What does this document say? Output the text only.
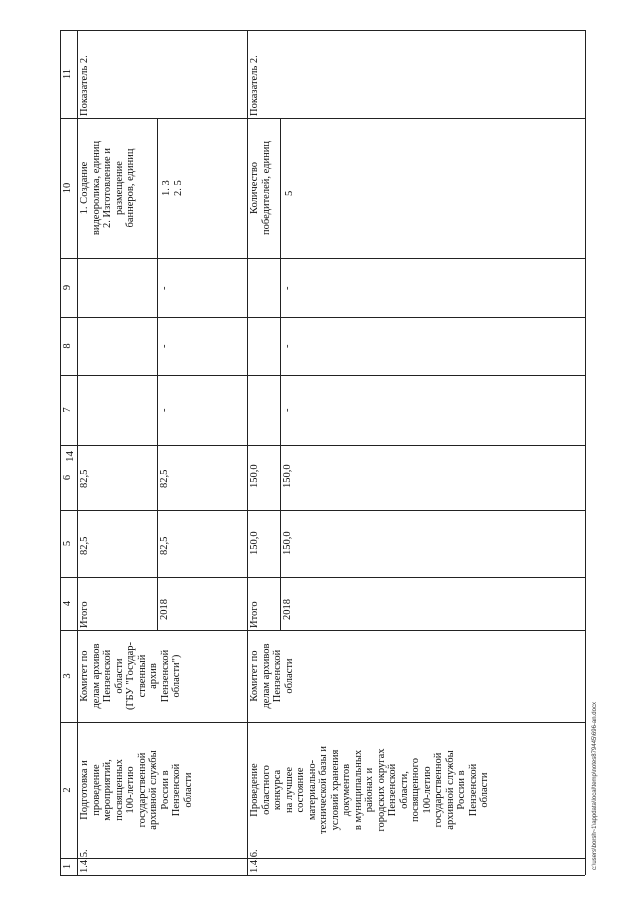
14
c:\users\borsh~1\appdata\local\temp\notes879445\696-an.docx
1
2
3
4
5
6
7
8
9
10
11
1.4.5.
Подготовка и проведение мероприятий, посвященных 100-летию государственной архивной службы России в Пензенской области
Комитет по делам архивов Пензенской области (ГБУ "Государ- ственный архив Пензенской области")
Итого	2018
82,5
82,5
82,5
82,5
-
-
-
1. Создание видеоролика, единиц 2. Изготовление и размещение баннеров, единиц 1. 3 2. 5
Показатель 2.
1.4.6.
Проведение областного конкурса на лучшее состояние материально- технической базы и условий хранения документов в муниципальных районах и городских округах Пензенской области, посвященного 100-летию государственной архивной службы России в Пензенской области
Комитет по делам архивов Пензенской области
Итого 2018
150,0
150,0
150,0
150,0
-
-
-
Количество победителей, единиц 5
Показатель 2.
